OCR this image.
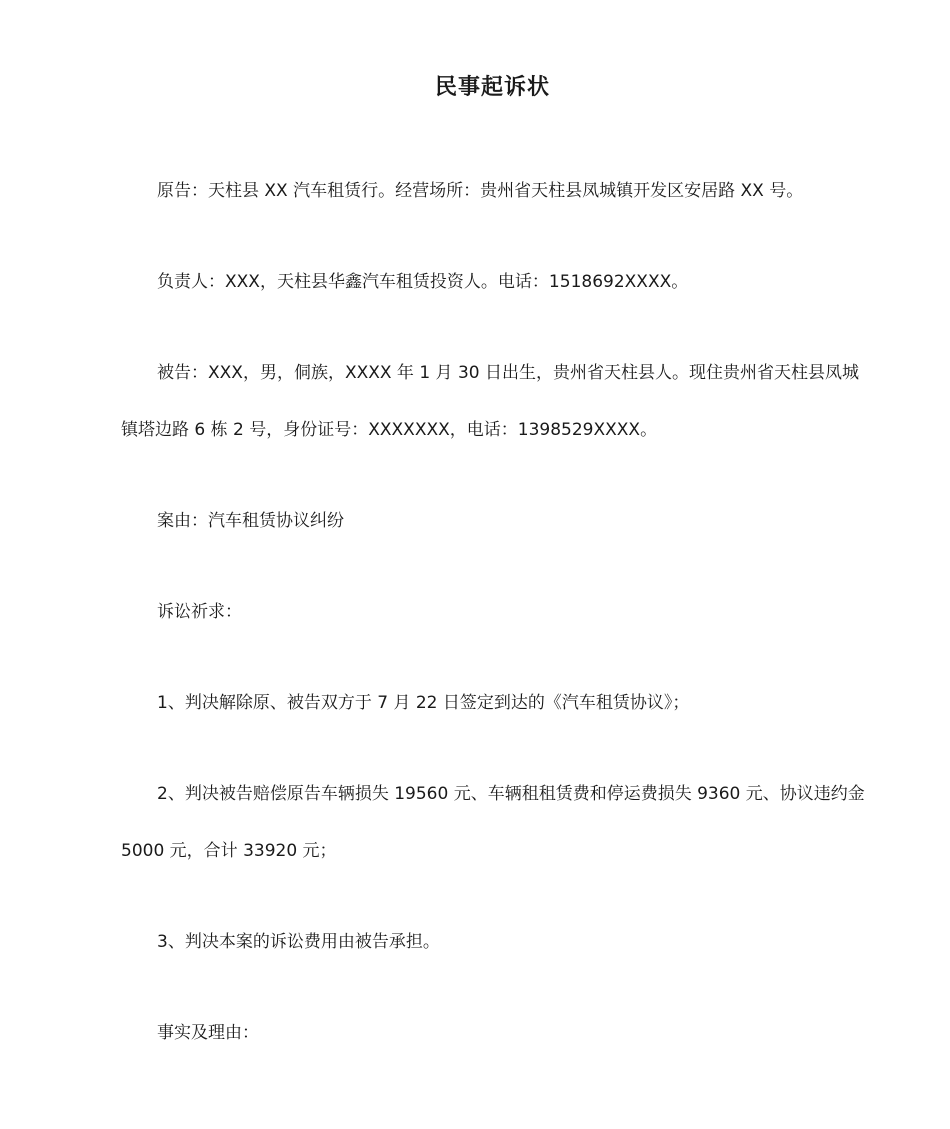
民事起诉状

原告：天柱县 XX 汽车租赁行。经营场所：贵州省天柱县凤城镇开发区安居路 XX 号。

负责人：XXX，天柱县华鑫汽车租赁投资人。电话：1518692XXXX。

被告：XXX，男，侗族，XXXX 年 1 月 30 日出生，贵州省天柱县人。现住贵州省天柱县凤城镇塔边路 6 栋 2 号，身份证号：XXXXXXX，电话：1398529XXXX。

案由：汽车租赁协议纠纷

诉讼祈求：

1、判决解除原、被告双方于 7 月 22 日签定到达的《汽车租赁协议》；

2、判决被告赔偿原告车辆损失 19560 元、车辆租租赁费和停运费损失 9360 元、协议违约金 5000 元，合计 33920 元；

3、判决本案的诉讼费用由被告承担。

事实及理由：
